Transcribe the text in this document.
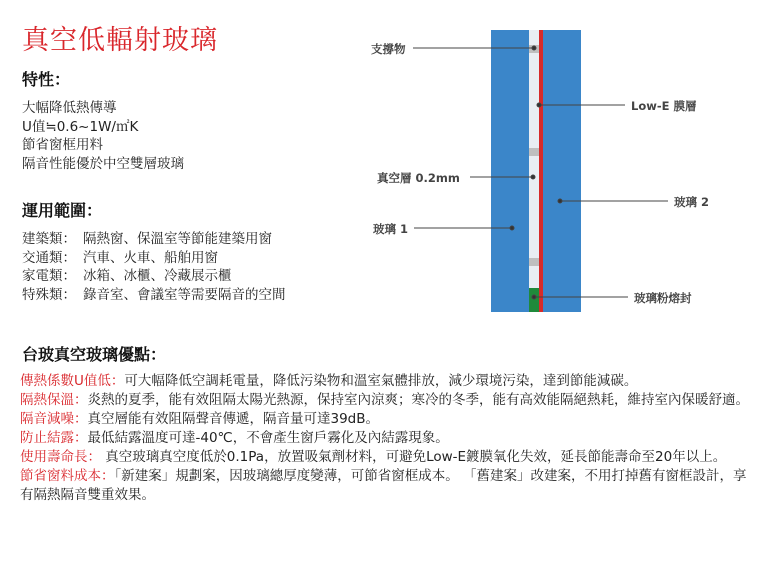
真空低輻射玻璃
特性：
大幅降低熱傳導
U值≒0.6~1W/㎡K
節省窗框用料
隔音性能優於中空雙層玻璃
運用範圍：
建築類： 隔熱窗、保溫室等節能建築用窗
交通類： 汽車、火車、船舶用窗
家電類： 冰箱、冰櫃、冷藏展示櫃
特殊類： 錄音室、會議室等需要隔音的空間
支撐物
真空層 0.2mm
玻璃 1
Low-E 膜層
玻璃 2
玻璃粉熔封
台玻真空玻璃優點：

傳熱係數U值低：可大幅降低空調耗電量，降低污染物和溫室氣體排放，減少環境污染，達到節能減碳。

隔熱保溫：炎熱的夏季，能有效阻隔太陽光熱源，保持室內涼爽；寒冷的冬季，能有高效能隔絕熱耗，維持室內保暖舒適。

隔音減噪：真空層能有效阻隔聲音傳遞，隔音量可達39dB。

防止結露：最低結露溫度可達-40℃，不會產生窗戶霧化及內結露現象。

使用壽命長： 真空玻璃真空度低於0.1Pa，放置吸氣劑材料，可避免Low-E鍍膜氧化失效，延長節能壽命至20年以上。

節省窗料成本：「新建案」規劃案，因玻璃總厚度變薄，可節省窗框成本。 「舊建案」改建案，不用打掉舊有窗框設計，享有隔熱隔音雙重效果。
